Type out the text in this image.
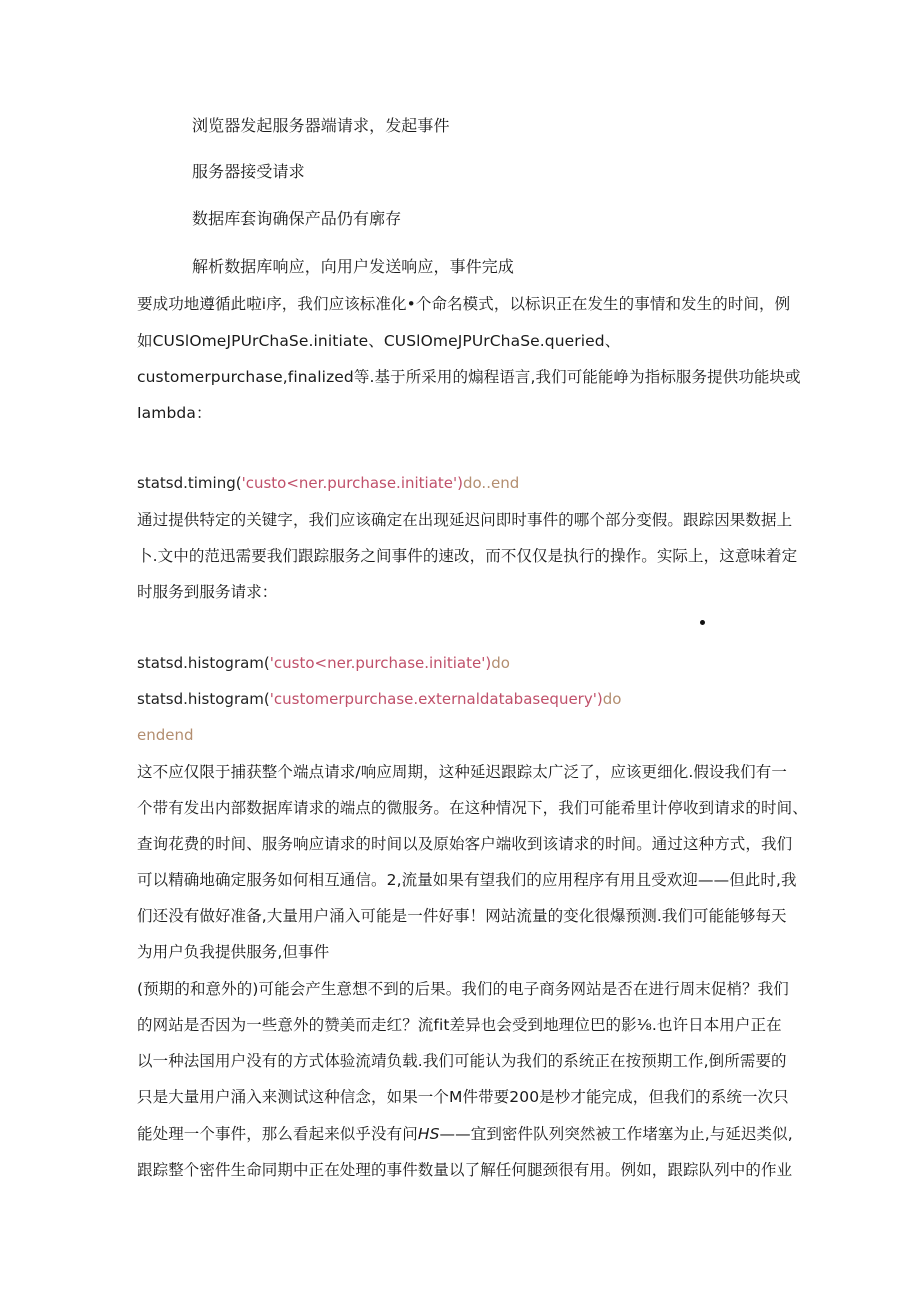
浏览器发起服务器端请求，发起事件
服务器接受请求
数据库套询确保产品仍有廓存
解析数据库响应，向用户发送响应，事件完成
要成功地遵循此啦i序，我们应该标准化•个命名模式，以标识正在发生的事情和发生的时间，例
如CUSlOmeJPUrChaSe.initiate、CUSlOmeJPUrChaSe.queried、
customerpurchase,finalized等.基于所采用的煽程语言,我们可能能峥为指标服务提供功能块或
Iambda：
statsd.timing('custo<ner.purchase.initiate')do..end
通过提供特定的关键字，我们应该确定在出现延迟问即时事件的哪个部分变假。跟踪因果数据上
卜.文中的范迅需要我们跟踪服务之间事件的速改，而不仅仅是执行的操作。实际上，这意味着定
时服务到服务请求：
statsd.histogram('custo<ner.purchase.initiate')do
statsd.histogram('customerpurchase.externaldatabasequery')do
endend
这不应仅限于捕获整个端点请求/响应周期，这种延迟跟踪太广泛了，应该更细化.假设我们有一
个带有发出内部数据库请求的端点的微服务。在这种情况下，我们可能希里计停收到请求的时间、
查询花费的时间、服务响应请求的时间以及原始客户端收到该请求的时间。通过这种方式，我们
可以精确地确定服务如何相互通信。2,流量如果有望我们的应用程序有用且受欢迎——但此时,我
们还没有做好准备,大量用户涌入可能是一件好事！网站流量的变化很爆预测.我们可能能够每天
为用户负我提供服务,但事件
(预期的和意外的)可能会产生意想不到的后果。我们的电子商务网站是否在进行周末促梢？我们
的网站是否因为一些意外的赞美而走红？流fit差异也会受到地理位巴的影⅛.也许日本用户正在
以一种法国用户没有的方式体验流靖负载.我们可能认为我们的系统正在按预期工作,倒所需要的
只是大量用户涌入来测试这种信念，如果一个M件带要200是杪才能完成，但我们的系统一次只
能处理一个事件，那么看起来似乎没有问HS——宜到密件队列突然被工作堵塞为止,与延迟类似,
跟踪整个密件生命同期中正在处理的事件数量以了解任何腿颈很有用。例如，跟踪队列中的作业
